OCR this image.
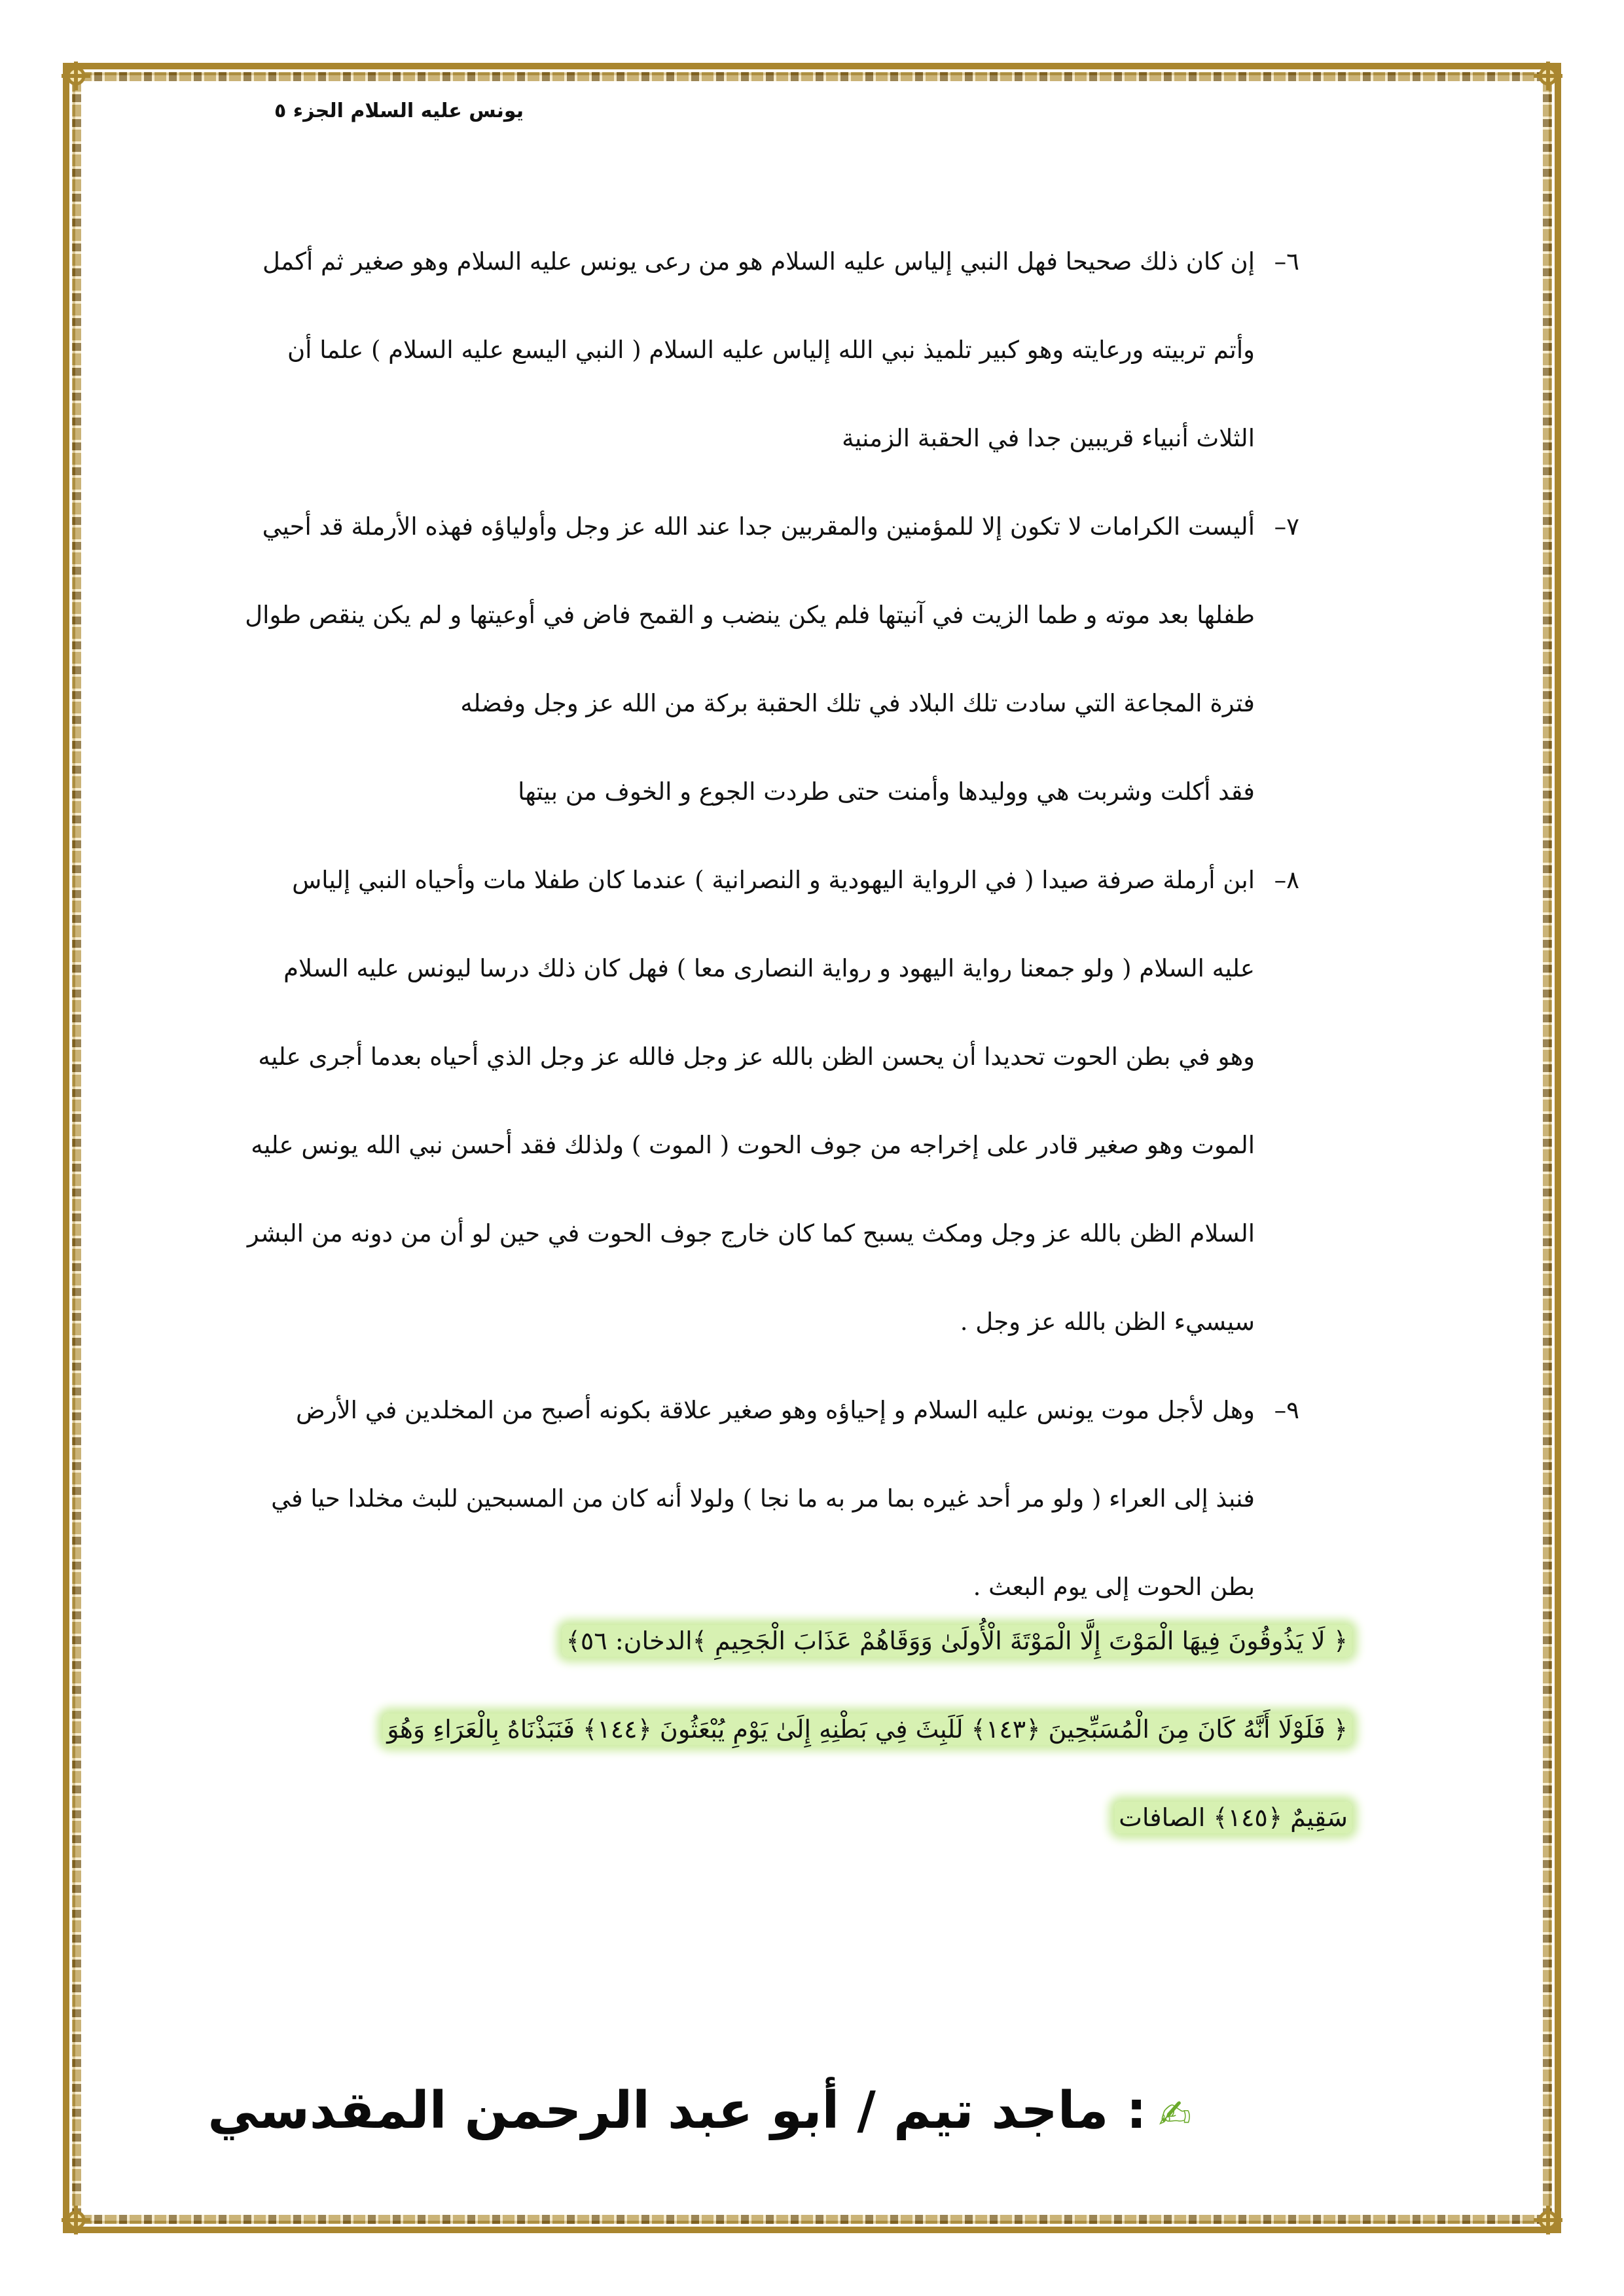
يونس عليه السلام الجزء ٥
٦–
إن كان ذلك صحيحا فهل النبي إلياس عليه السلام هو من رعى يونس عليه السلام وهو صغير ثم أكمل
وأتم تربيته ورعايته وهو كبير تلميذ نبي الله إلياس عليه السلام ( النبي اليسع عليه السلام ) علما أن
الثلاث أنبياء قريبين جدا في الحقبة الزمنية
٧–
أليست الكرامات لا تكون إلا للمؤمنين والمقربين جدا عند الله عز وجل وأولياؤه فهذه الأرملة قد أحيي
طفلها بعد موته و طما الزيت في آنيتها فلم يكن ينضب و القمح فاض في أوعيتها و لم يكن ينقص طوال
فترة المجاعة التي سادت تلك البلاد في تلك الحقبة بركة من الله عز وجل وفضله
فقد أكلت وشربت هي ووليدها وأمنت حتى طردت الجوع و الخوف من بيتها
٨–
ابن أرملة صرفة صيدا ( في الرواية اليهودية و النصرانية ) عندما كان طفلا مات وأحياه النبي إلياس
عليه السلام ( ولو جمعنا رواية اليهود و رواية النصارى معا ) فهل كان ذلك درسا ليونس عليه السلام
وهو في بطن الحوت تحديدا أن يحسن الظن بالله عز وجل فالله عز وجل الذي أحياه بعدما أجرى عليه
الموت وهو صغير قادر على إخراجه من جوف الحوت ( الموت ) ولذلك فقد أحسن نبي الله يونس عليه
السلام الظن بالله عز وجل ومكث يسبح كما كان خارج جوف الحوت في حين لو أن من دونه من البشر
سيسيء الظن بالله عز وجل .
٩–
وهل لأجل موت يونس عليه السلام و إحياؤه وهو صغير علاقة بكونه أصبح من المخلدين في الأرض
فنبذ إلى العراء ( ولو مر أحد غيره بما مر به ما نجا ) ولولا أنه كان من المسبحين للبث مخلدا حيا في
بطن الحوت إلى يوم البعث .
﴿ لَا يَذُوقُونَ فِيهَا الْمَوْتَ إِلَّا الْمَوْتَةَ الْأُولَىٰ وَوَقَاهُمْ عَذَابَ الْجَحِيمِ ﴾الدخان: ٥٦﴾
﴿ فَلَوْلَا أَنَّهُ كَانَ مِنَ الْمُسَبِّحِينَ ﴿١٤٣﴾ لَلَبِثَ فِي بَطْنِهِ إِلَىٰ يَوْمِ يُبْعَثُونَ ﴿١٤٤﴾ فَنَبَذْنَاهُ بِالْعَرَاءِ وَهُوَ
سَقِيمٌ ﴿١٤٥﴾ الصافات
✍: ماجد تيم / أبو عبد الرحمن المقدسي
